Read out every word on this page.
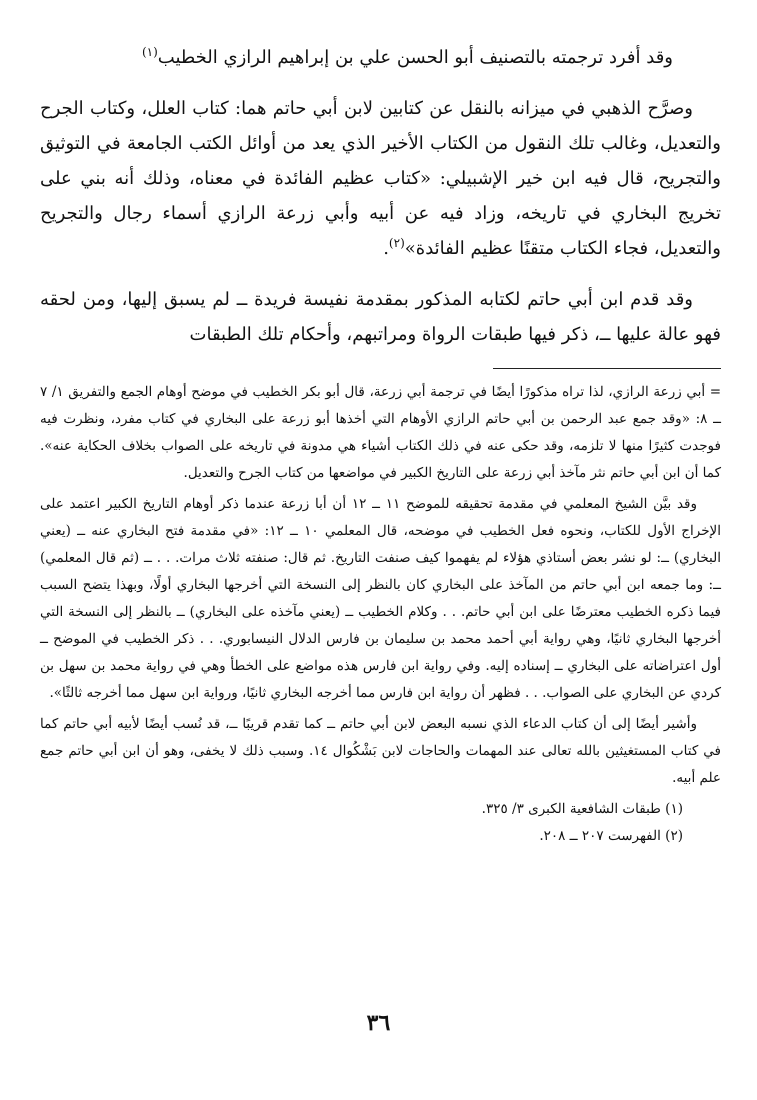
وقد أفرد ترجمته بالتصنيف أبو الحسن علي بن إبراهيم الرازي الخطيب$^{(١)}$

وصرَّح الذهبي في ميزانه بالنقل عن كتابين لابن أبي حاتم هما: كتاب العلل، وكتاب الجرح والتعديل، وغالب تلك النقول من الكتاب الأخير الذي يعد من أوائل الكتب الجامعة في التوثيق والتجريح، قال فيه ابن خير الإشبيلي: «كتاب عظيم الفائدة في معناه، وذلك أنه بني على تخريج البخاري في تاريخه، وزاد فيه عن أبيه وأبي زرعة الرازي أسماء رجال والتجريح والتعديل، فجاء الكتاب متقنًا عظيم الفائدة»$^{(٢)}$.

وقد قدم ابن أبي حاتم لكتابه المذكور بمقدمة نفيسة فريدة ــ لم يسبق إليها، ومن لحقه فهو عالة عليها ــ، ذكر فيها طبقات الرواة ومراتبهم، وأحكام تلك الطبقات

= أبي زرعة الرازي، لذا تراه مذكورًا أيضًا في ترجمة أبي زرعة، قال أبو بكر الخطيب في موضح أوهام الجمع والتفريق ١/ ٧ ــ ٨: «وقد جمع عبد الرحمن بن أبي حاتم الرازي الأوهام التي أخذها أبو زرعة على البخاري في كتاب مفرد، ونظرت فيه فوجدت كثيرًا منها لا تلزمه، وقد حكى عنه في ذلك الكتاب أشياء هي مدونة في تاريخه على الصواب بخلاف الحكاية عنه». كما أن ابن أبي حاتم نثر مآخذ أبي زرعة على التاريخ الكبير في مواضعها من كتاب الجرح والتعديل.

وقد بيَّن الشيخ المعلمي في مقدمة تحقيقه للموضح ١١ ــ ١٢ أن أبا زرعة عندما ذكر أوهام التاريخ الكبير اعتمد على الإخراج الأول للكتاب، ونحوه فعل الخطيب في موضحه، قال المعلمي ١٠ ــ ١٢: «في مقدمة فتح البخاري عنه ــ (يعني البخاري) ــ: لو نشر بعض أستاذي هؤلاء لم يفهموا كيف صنفت التاريخ. ثم قال: صنفته ثلاث مرات. . . ــ (ثم قال المعلمي) ــ: وما جمعه ابن أبي حاتم من المآخذ على البخاري كان بالنظر إلى النسخة التي أخرجها البخاري أولًا، وبهذا يتضح السبب فيما ذكره الخطيب معترضًا على ابن أبي حاتم. . . وكلام الخطيب ــ (يعني مآخذه على البخاري) ــ بالنظر إلى النسخة التي أخرجها البخاري ثانيًا، وهي رواية أبي أحمد محمد بن سليمان بن فارس الدلال النيسابوري. . . ذكر الخطيب في الموضح ــ أول اعتراضاته على البخاري ــ إسناده إليه. وفي رواية ابن فارس هذه مواضع على الخطأ وهي في رواية محمد بن سهل بن كردي عن البخاري على الصواب. . . فظهر أن رواية ابن فارس مما أخرجه البخاري ثانيًا، ورواية ابن سهل مما أخرجه ثالثًا».

وأشير أيضًا إلى أن كتاب الدعاء الذي نسبه البعض لابن أبي حاتم ــ كما تقدم قريبًا ــ، قد نُسب أيضًا لأبيه أبي حاتم كما في كتاب المستغيثين بالله تعالى عند المهمات والحاجات لابن بَشْكُوال ١٤. وسبب ذلك لا يخفى، وهو أن ابن أبي حاتم جمع علم أبيه.

(١) طبقات الشافعية الكبرى ٣/ ٣٢٥.

(٢) الفهرست ٢٠٧ ــ ٢٠٨.

٣٦
